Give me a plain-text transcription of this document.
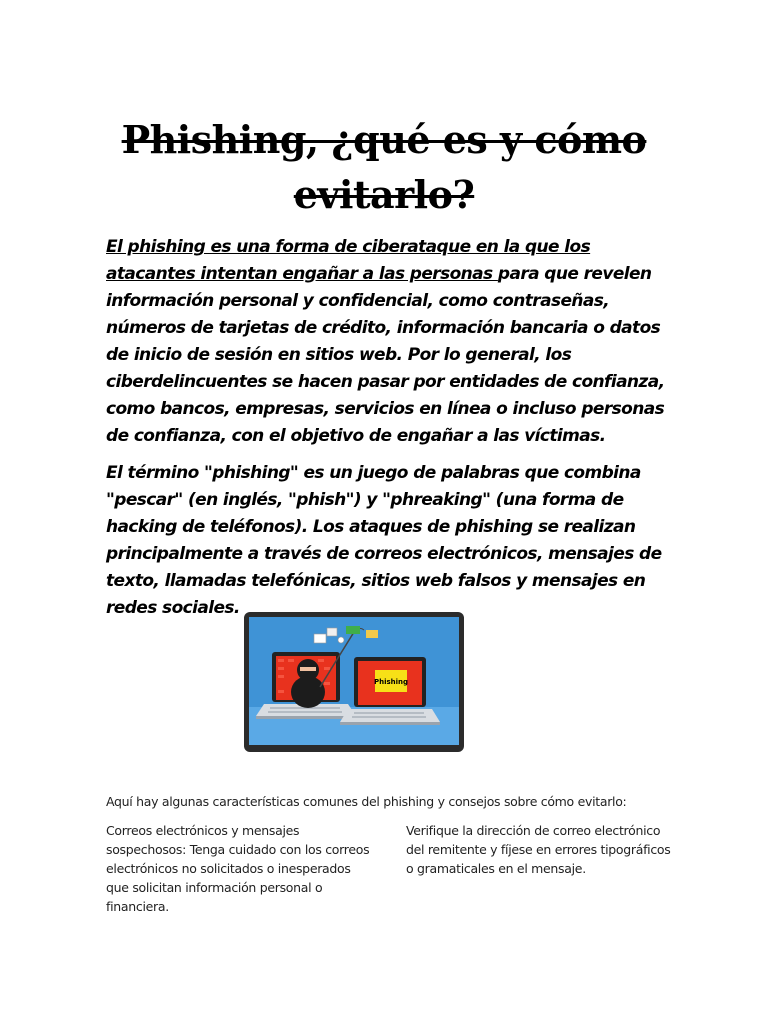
Phishing, ¿qué es y cómo evitarlo?

El phishing es una forma de ciberataque en la que los atacantes intentan engañar a las personas para que revelen información personal y confidencial, como contraseñas, números de tarjetas de crédito, información bancaria o datos de inicio de sesión en sitios web. Por lo general, los ciberdelincuentes se hacen pasar por entidades de confianza, como bancos, empresas, servicios en línea o incluso personas de confianza, con el objetivo de engañar a las víctimas.

El término "phishing" es un juego de palabras que combina "pescar" (en inglés, "phish") y "phreaking" (una forma de hacking de teléfonos). Los ataques de phishing se realizan principalmente a través de correos electrónicos, mensajes de texto, llamadas telefónicas, sitios web falsos y mensajes en redes sociales.

Phishing

Aquí hay algunas características comunes del phishing y consejos sobre cómo evitarlo:

Correos electrónicos y mensajes sospechosos: Tenga cuidado con los correos electrónicos no solicitados o inesperados que solicitan información personal o financiera.

Verifique la dirección de correo electrónico del remitente y fíjese en errores tipográficos o gramaticales en el mensaje.
